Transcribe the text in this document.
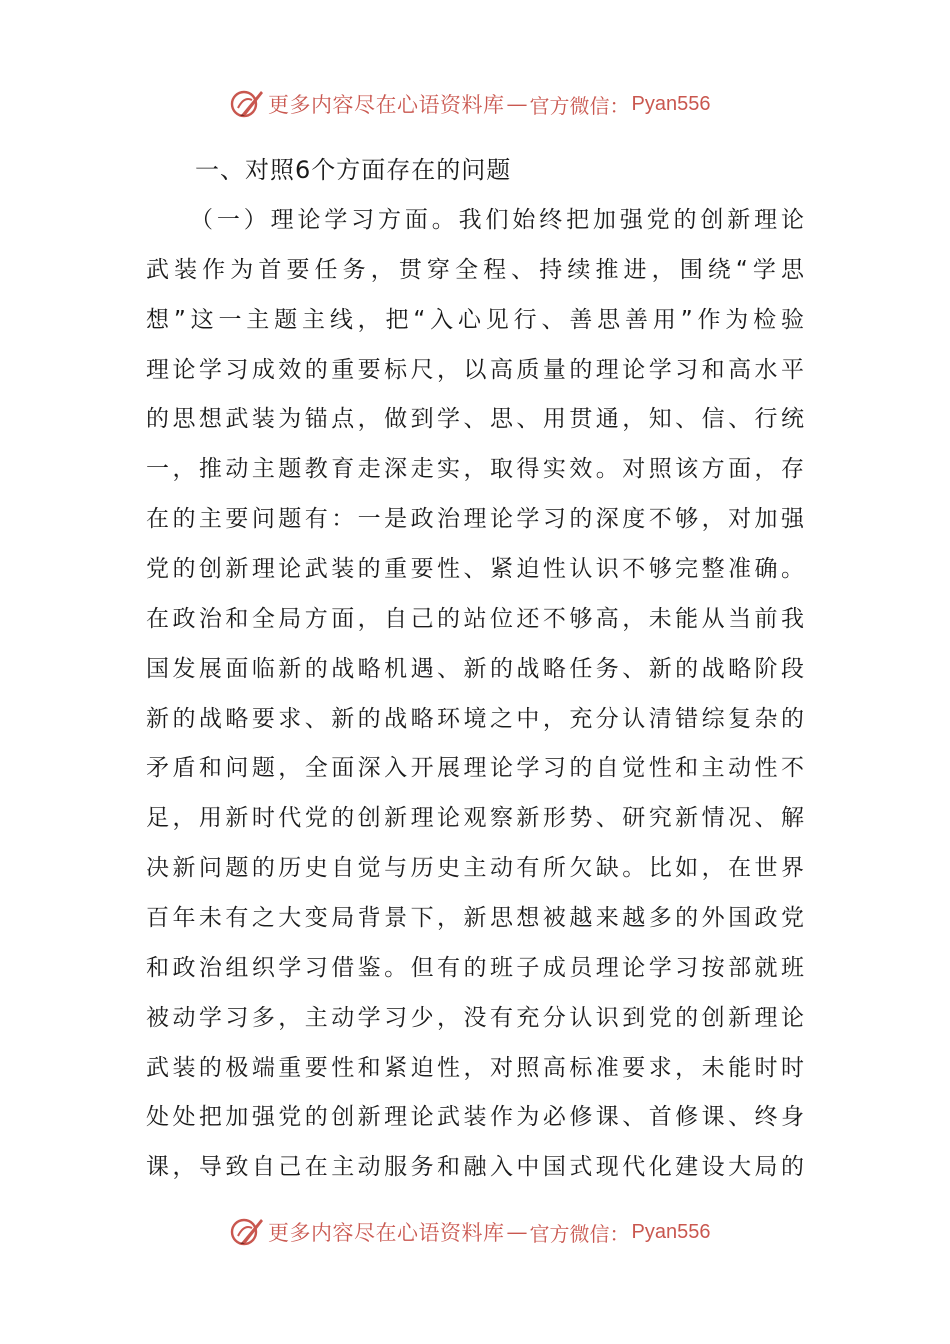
更多内容尽在心语资料库 — 官方微信： Pyan556
一、对照6个方面存在的问题
（一）理论学习方面。我们始终把加强党的创新理论
武装作为首要任务，贯穿全程、持续推进，围绕“学思
想”这一主题主线，把“入心见行、善思善用”作为检验
理论学习成效的重要标尺，以高质量的理论学习和高水平
的思想武装为锚点，做到学、思、用贯通，知、信、行统
一，推动主题教育走深走实，取得实效。对照该方面，存
在的主要问题有：一是政治理论学习的深度不够，对加强
党的创新理论武装的重要性、紧迫性认识不够完整准确。
在政治和全局方面，自己的站位还不够高，未能从当前我
国发展面临新的战略机遇、新的战略任务、新的战略阶段
新的战略要求、新的战略环境之中，充分认清错综复杂的
矛盾和问题，全面深入开展理论学习的自觉性和主动性不
足，用新时代党的创新理论观察新形势、研究新情况、解
决新问题的历史自觉与历史主动有所欠缺。比如，在世界
百年未有之大变局背景下，新思想被越来越多的外国政党
和政治组织学习借鉴。但有的班子成员理论学习按部就班
被动学习多，主动学习少，没有充分认识到党的创新理论
武装的极端重要性和紧迫性，对照高标准要求，未能时时
处处把加强党的创新理论武装作为必修课、首修课、终身
课，导致自己在主动服务和融入中国式现代化建设大局的
更多内容尽在心语资料库 — 官方微信： Pyan556
